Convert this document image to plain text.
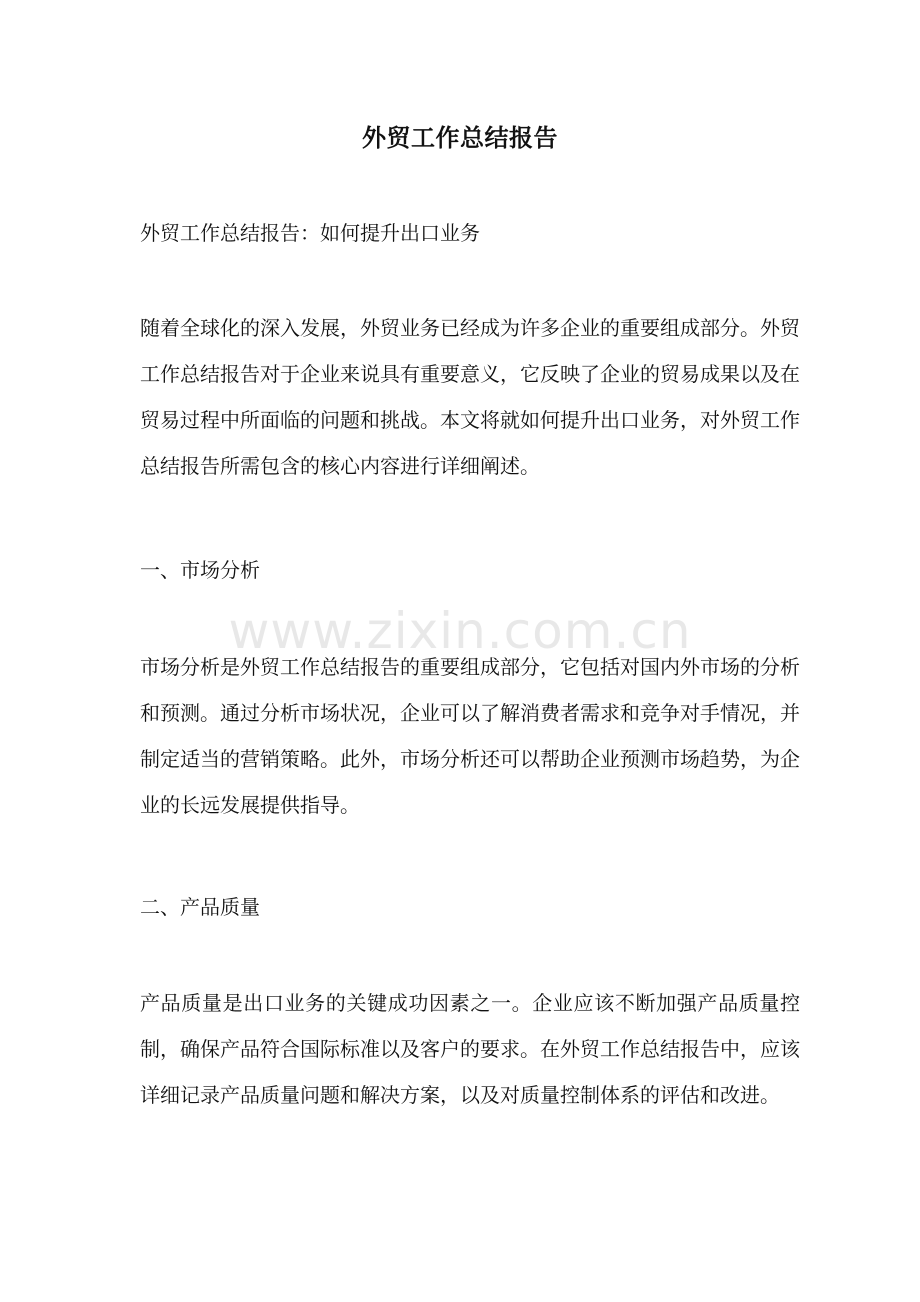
外贸工作总结报告
外贸工作总结报告：如何提升出口业务
随着全球化的深入发展，外贸业务已经成为许多企业的重要组成部分。外贸工作总结报告对于企业来说具有重要意义，它反映了企业的贸易成果以及在贸易过程中所面临的问题和挑战。本文将就如何提升出口业务，对外贸工作总结报告所需包含的核心内容进行详细阐述。
一、市场分析
www.zixin.com.cn
市场分析是外贸工作总结报告的重要组成部分，它包括对国内外市场的分析和预测。通过分析市场状况，企业可以了解消费者需求和竞争对手情况，并制定适当的营销策略。此外，市场分析还可以帮助企业预测市场趋势，为企业的长远发展提供指导。
二、产品质量
产品质量是出口业务的关键成功因素之一。企业应该不断加强产品质量控制，确保产品符合国际标准以及客户的要求。在外贸工作总结报告中，应该详细记录产品质量问题和解决方案，以及对质量控制体系的评估和改进。
